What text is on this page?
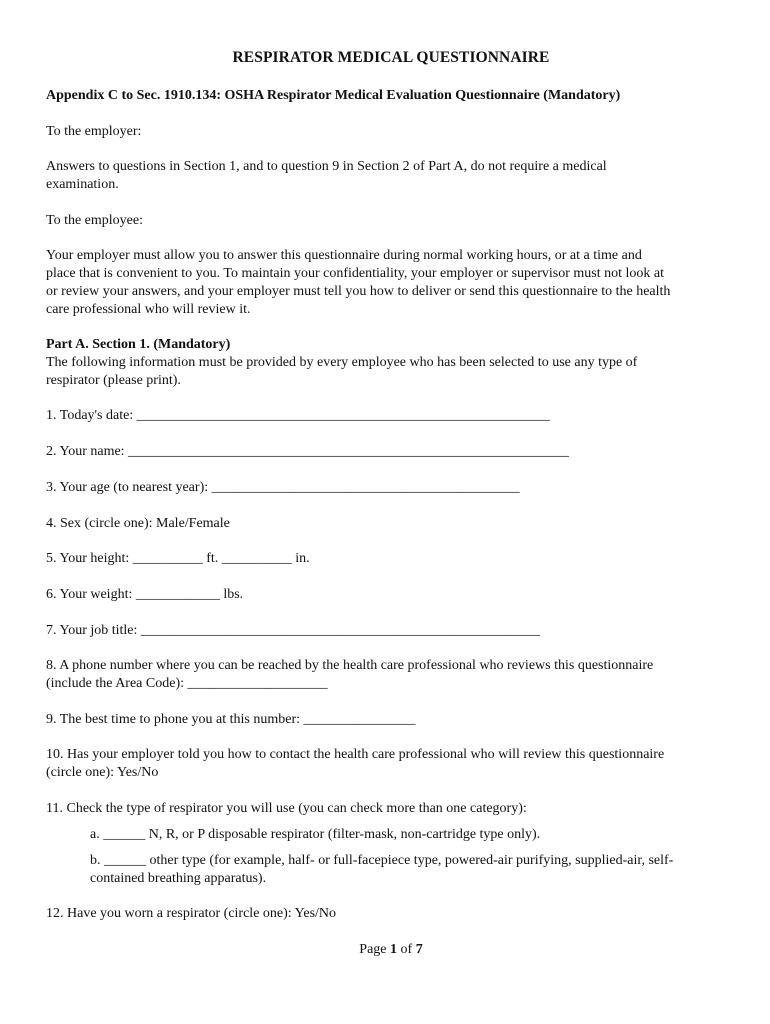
RESPIRATOR MEDICAL QUESTIONNAIRE
Appendix C to Sec. 1910.134: OSHA Respirator Medical Evaluation Questionnaire (Mandatory)
To the employer:
Answers to questions in Section 1, and to question 9 in Section 2 of Part A, do not require a medical
examination.
To the employee:
Your employer must allow you to answer this questionnaire during normal working hours, or at a time and
place that is convenient to you. To maintain your confidentiality, your employer or supervisor must not look at
or review your answers, and your employer must tell you how to deliver or send this questionnaire to the health
care professional who will review it.
Part A. Section 1. (Mandatory)
The following information must be provided by every employee who has been selected to use any type of
respirator (please print).
1. Today's date: ___________________________________________________________
2. Your name: _______________________________________________________________
3. Your age (to nearest year): ____________________________________________
4. Sex (circle one): Male/Female
5. Your height: __________ ft. __________ in.
6. Your weight: ____________ lbs.
7. Your job title: _________________________________________________________
8. A phone number where you can be reached by the health care professional who reviews this questionnaire
(include the Area Code): ____________________
9. The best time to phone you at this number: ________________
10. Has your employer told you how to contact the health care professional who will review this questionnaire
(circle one): Yes/No
11. Check the type of respirator you will use (you can check more than one category):
a. ______ N, R, or P disposable respirator (filter-mask, non-cartridge type only).
b. ______ other type (for example, half- or full-facepiece type, powered-air purifying, supplied-air, self-
contained breathing apparatus).
12. Have you worn a respirator (circle one): Yes/No
Page 1 of 7
